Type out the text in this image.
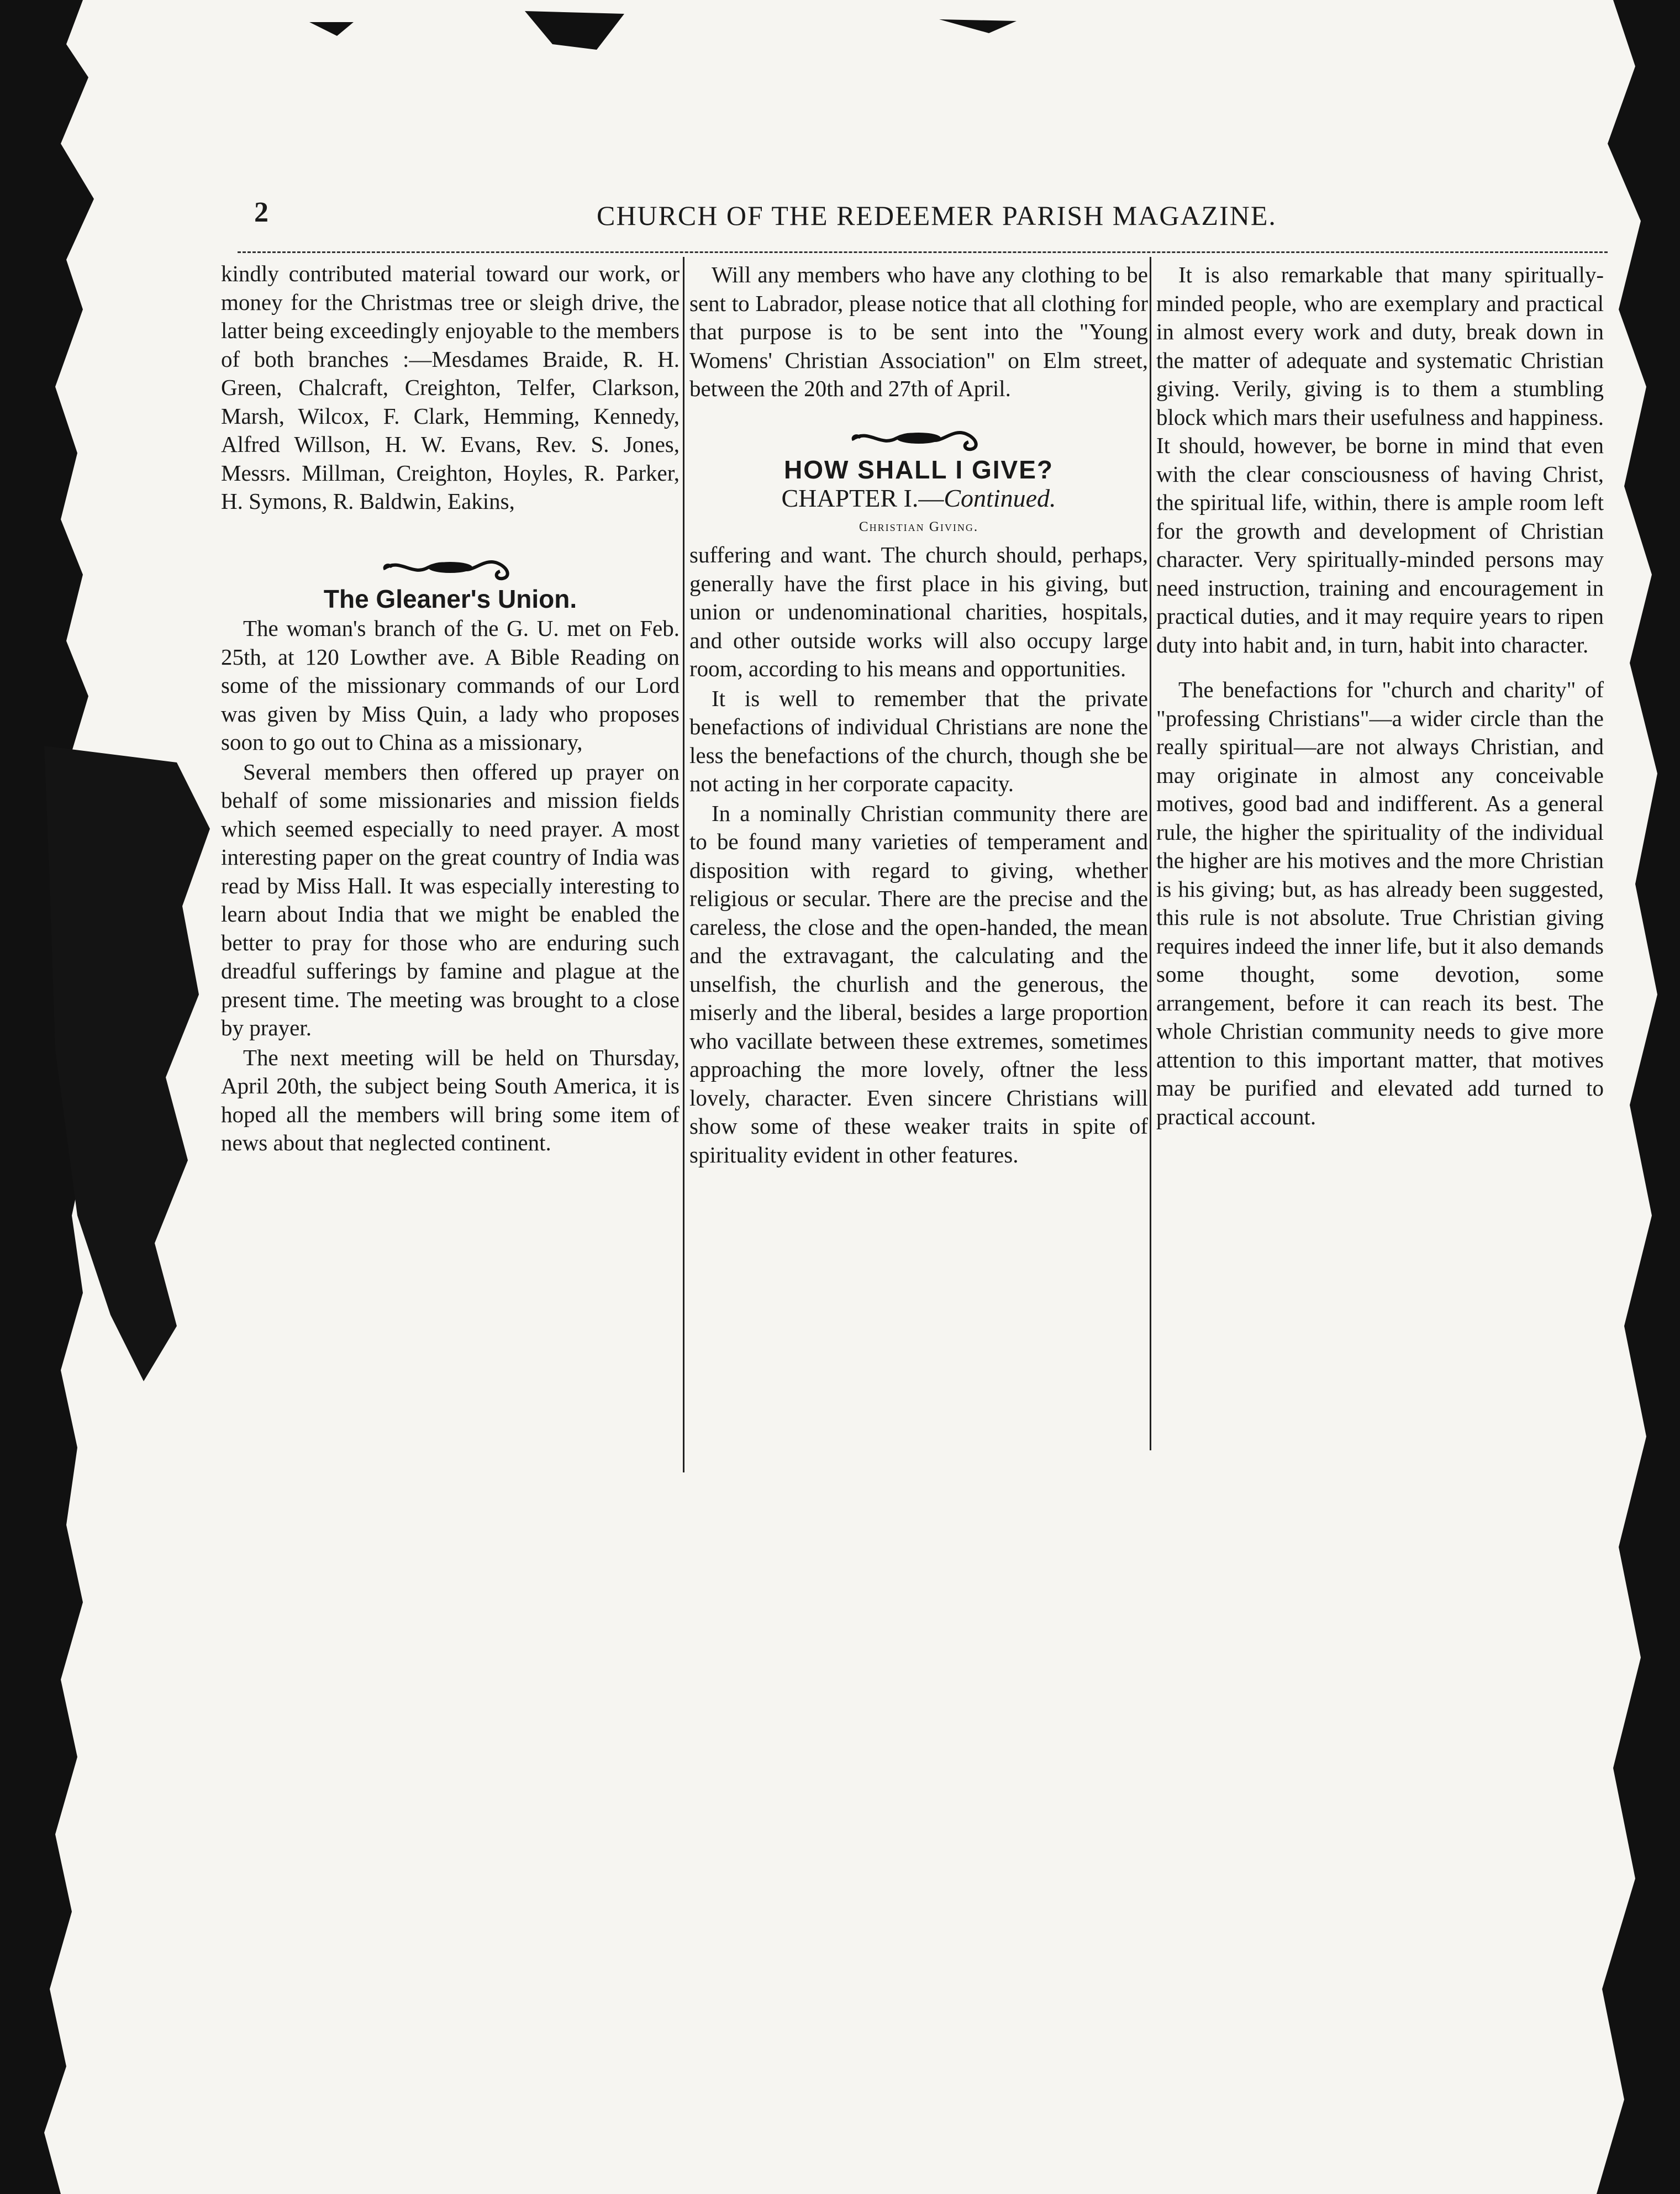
2	CHURCH OF THE REDEEMER PARISH MAGAZINE.

kindly contributed material toward our work, or money for the Christmas tree or sleigh drive, the latter being exceedingly enjoyable to the members of both branches :—Mesdames Braide, R. H. Green, Chalcraft, Creighton, Telfer, Clarkson, Marsh, Wilcox, F. Clark, Hemming, Kennedy, Alfred Willson, H. W. Evans, Rev. S. Jones, Messrs. Millman, Creighton, Hoyles, R. Parker, H. Symons, R. Baldwin, Eakins,

The Gleaner's Union.

The woman's branch of the G. U. met on Feb. 25th, at 120 Lowther ave. A Bible Reading on some of the missionary commands of our Lord was given by Miss Quin, a lady who proposes soon to go out to China as a missionary,

Several members then offered up prayer on behalf of some missionaries and mission fields which seemed especially to need prayer. A most interesting paper on the great country of India was read by Miss Hall. It was especially interesting to learn about India that we might be enabled the better to pray for those who are enduring such dreadful sufferings by famine and plague at the present time. The meeting was brought to a close by prayer.

The next meeting will be held on Thursday, April 20th, the subject being South America, it is hoped all the members will bring some item of news about that neglected continent.

Will any members who have any clothing to be sent to Labrador, please notice that all clothing for that purpose is to be sent into the "Young Womens' Christian Association" on Elm street, between the 20th and 27th of April.

HOW SHALL I GIVE?

CHAPTER I.—Continued.

Christian Giving.

suffering and want. The church should, perhaps, generally have the first place in his giving, but union or undenominational charities, hospitals, and other outside works will also occupy large room, according to his means and opportunities.

It is well to remember that the private benefactions of individual Christians are none the less the benefactions of the church, though she be not acting in her corporate capacity.

In a nominally Christian community there are to be found many varieties of temperament and disposition with regard to giving, whether religious or secular. There are the precise and the careless, the close and the open-handed, the mean and the extravagant, the calculating and the unselfish, the churlish and the generous, the miserly and the liberal, besides a large proportion who vacillate between these extremes, sometimes approaching the more lovely, oftner the less lovely, character. Even sincere Christians will show some of these weaker traits in spite of spirituality evident in other features.

It is also remarkable that many spiritually-minded people, who are exemplary and practical in almost every work and duty, break down in the matter of adequate and systematic Christian giving. Verily, giving is to them a stumbling block which mars their usefulness and happiness. It should, however, be borne in mind that even with the clear consciousness of having Christ, the spiritual life, within, there is ample room left for the growth and development of Christian character. Very spiritually-minded persons may need instruction, training and encouragement in practical duties, and it may require years to ripen duty into habit and, in turn, habit into character.

The benefactions for "church and charity" of "professing Christians"—a wider circle than the really spiritual—are not always Christian, and may originate in almost any conceivable motives, good bad and indifferent. As a general rule, the higher the spirituality of the individual the higher are his motives and the more Christian is his giving; but, as has already been suggested, this rule is not absolute. True Christian giving requires indeed the inner life, but it also demands some thought, some devotion, some arrangement, before it can reach its best. The whole Christian community needs to give more attention to this important matter, that motives may be purified and elevated add turned to practical account.
